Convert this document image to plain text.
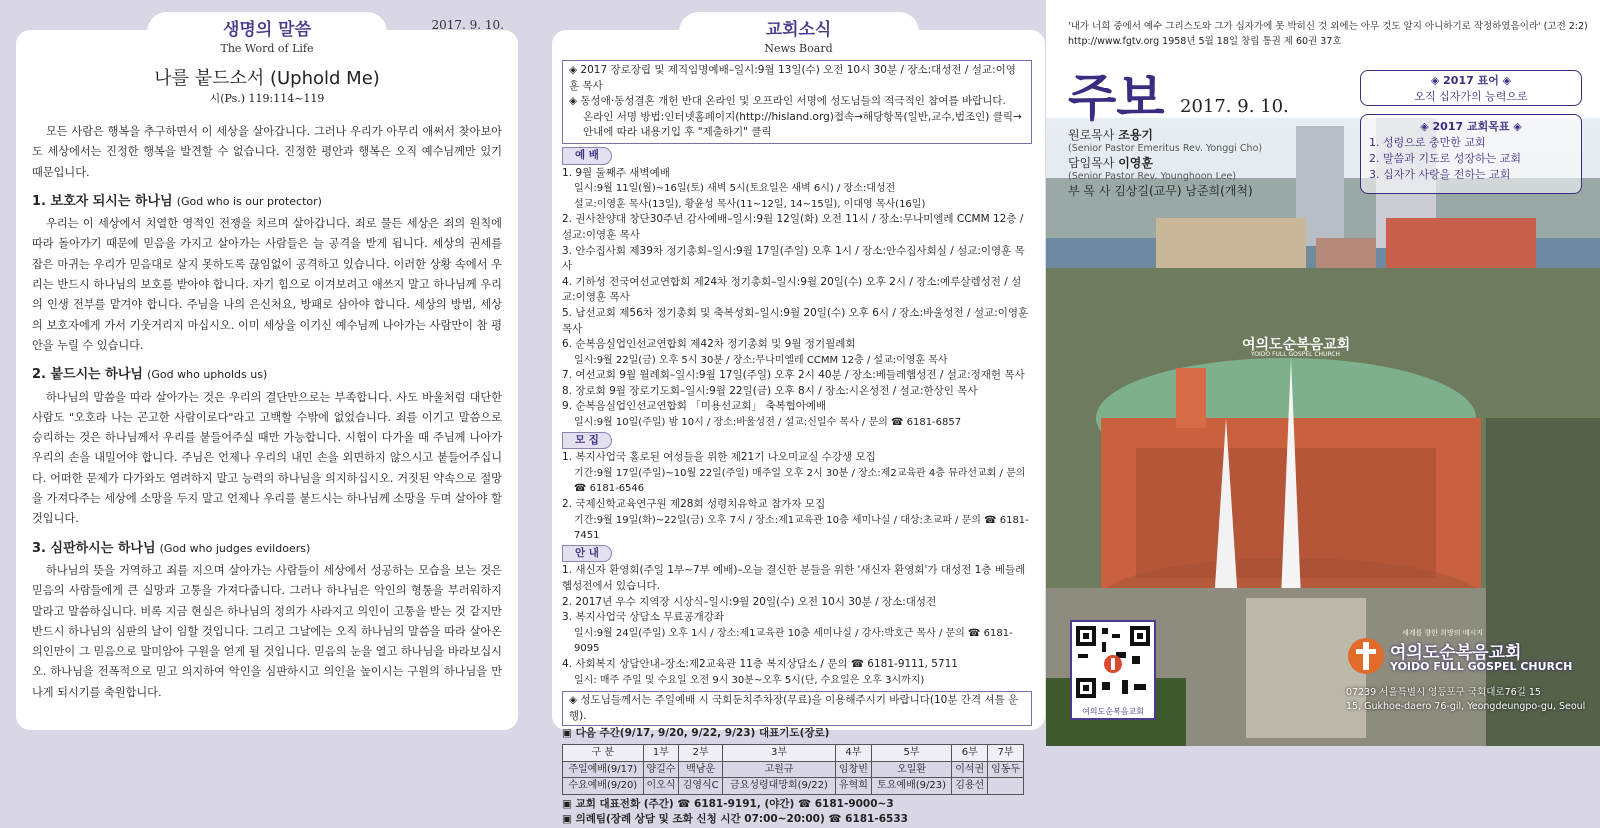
생명의 말씀
The Word of Life
2017. 9. 10.
나를 붙드소서 (Uphold Me)
시(Ps.) 119:114~119

모든 사람은 행복을 추구하면서 이 세상을 살아갑니다. 그러나 우리가 아무리 애써서 찾아보아도 세상에서는 진정한 행복을 발견할 수 없습니다. 진정한 평안과 행복은 오직 예수님께만 있기 때문입니다.

1. 보호자 되시는 하나님 (God who is our protector)

우리는 이 세상에서 치열한 영적인 전쟁을 치르며 살아갑니다. 죄로 물든 세상은 죄의 원칙에 따라 돌아가기 때문에 믿음을 가지고 살아가는 사람들은 늘 공격을 받게 됩니다. 세상의 권세를 잡은 마귀는 우리가 믿음대로 살지 못하도록 끊임없이 공격하고 있습니다. 이러한 상황 속에서 우리는 반드시 하나님의 보호를 받아야 합니다. 자기 힘으로 이겨보려고 애쓰지 말고 하나님께 우리의 인생 전부를 맡겨야 합니다. 주님을 나의 은신처요, 방패로 삼아야 합니다. 세상의 방법, 세상의 보호자에게 가서 기웃거리지 마십시오. 이미 세상을 이기신 예수님께 나아가는 사람만이 참 평안을 누릴 수 있습니다.

2. 붙드시는 하나님 (God who upholds us)

하나님의 말씀을 따라 살아가는 것은 우리의 결단만으로는 부족합니다. 사도 바울처럼 대단한 사람도 "오호라 나는 곤고한 사람이로다"라고 고백할 수밖에 없었습니다. 죄를 이기고 말씀으로 승리하는 것은 하나님께서 우리를 붙들어주실 때만 가능합니다. 시험이 다가올 때 주님께 나아가 우리의 손을 내밀어야 합니다. 주님은 언제나 우리의 내민 손을 외면하지 않으시고 붙들어주십니다. 어떠한 문제가 다가와도 염려하지 말고 능력의 하나님을 의지하십시오. 거짓된 약속으로 절망을 가져다주는 세상에 소망을 두지 말고 언제나 우리를 붙드시는 하나님께 소망을 두며 살아야 할 것입니다.

3. 심판하시는 하나님 (God who judges evildoers)

하나님의 뜻을 거역하고 죄를 지으며 살아가는 사람들이 세상에서 성공하는 모습을 보는 것은 믿음의 사람들에게 큰 실망과 고통을 가져다줍니다. 그러나 하나님은 악인의 형통을 부러워하지 말라고 말씀하십니다. 비록 지금 현실은 하나님의 정의가 사라지고 의인이 고통을 받는 것 같지만 반드시 하나님의 심판의 날이 임할 것입니다. 그리고 그날에는 오직 하나님의 말씀을 따라 살아온 의인만이 그 믿음으로 말미암아 구원을 얻게 될 것입니다. 믿음의 눈을 열고 하나님을 바라보십시오. 하나님을 전폭적으로 믿고 의지하여 악인을 심판하시고 의인을 높이시는 구원의 하나님을 만나게 되시기를 축원합니다.

교회소식
News Board
◈ 2017 장로장립 및 제직임명예배–일시:9월 13일(수) 오전 10시 30분 / 장소:대성전 / 설교:이영훈 목사
◈ 동성애·동성결혼 개헌 반대 온라인 및 오프라인 서명에 성도님들의 적극적인 참여를 바랍니다.
온라인 서명 방법:인터넷홈페이지(http://hisland.org)접속→해당항목(일반,교수,법조인) 클릭→안내에 따라 내용기입 후 "제출하기" 클릭
예 배
1. 9월 둘째주 새벽예배
일시:9월 11일(월)~16일(토) 새벽 5시(토요일은 새벽 6시) / 장소:대성전
설교:이영훈 목사(13일), 황윤성 목사(11~12일, 14~15일), 이대영 목사(16일)
2. 권사찬양대 창단30주년 감사예배–일시:9월 12일(화) 오전 11시 / 장소:무나미엘레 CCMM 12층 / 설교:이영훈 목사
3. 안수집사회 제39차 정기총회–일시:9월 17일(주일) 오후 1시 / 장소:안수집사회실 / 설교:이영훈 목사
4. 기하성 전국여선교연합회 제24차 정기총회–일시:9월 20일(수) 오후 2시 / 장소:예루살렘성전 / 설교:이영훈 목사
5. 남선교회 제56차 정기총회 및 축복성회–일시:9월 20일(수) 오후 6시 / 장소:바울성전 / 설교:이영훈 목사
6. 순복음실업인선교연합회 제42차 정기총회 및 9월 정기월례회
일시:9월 22일(금) 오후 5시 30분 / 장소:무나미엘레 CCMM 12층 / 설교:이영훈 목사
7. 여선교회 9월 월례회–일시:9월 17일(주일) 오후 2시 40분 / 장소:베들레헴성전 / 설교:정재헌 목사
8. 장로회 9월 장로기도회–일시:9월 22일(금) 오후 8시 / 장소:시온성전 / 설교:한상인 목사
9. 순복음실업인선교연합회 「미용선교회」 축복협아예배
일시:9월 10일(주일) 밤 10시 / 장소:바울성전 / 설교:신일수 목사 / 문의 ☎ 6181-6857
모 집
1. 복지사업국 홀로된 여성들을 위한 제21기 나오미교실 수강생 모집
기간:9월 17일(주일)~10월 22일(주일) 매주일 오후 2시 30분 / 장소:제2교육관 4층 뮤라선교회 / 문의 ☎ 6181-6546
2. 국제신학교육연구원 제28회 성령치유학교 참가자 모집
기간:9월 19일(화)~22일(금) 오후 7시 / 장소:제1교육관 10층 세미나실 / 대상:초교파 / 문의 ☎ 6181-7451
안 내
1. 새신자 환영회(주일 1부~7부 예배)–오늘 결신한 분들을 위한 '새신자 환영회'가 대성전 1층 베들레헴성전에서 있습니다.
2. 2017년 우수 지역장 시상식–일시:9월 20일(수) 오전 10시 30분 / 장소:대성전
3. 복지사업국 상담소 무료공개강좌
일시:9월 24일(주일) 오후 1시 / 장소:제1교육관 10층 세미나실 / 강사:박호근 목사 / 문의 ☎ 6181-9095
4. 사회복지 상담안내–장소:제2교육관 11층 복지상담소 / 문의 ☎ 6181-9111, 5711
일시: 매주 주일 및 수요일 오전 9시 30분~오후 5시(단, 수요일은 오후 3시까지)
◈ 성도님들께서는 주일예배 시 국회둔치주차장(무료)을 이용해주시기 바랍니다(10분 간격 셔틀 운행).
▣ 다음 주간(9/17, 9/20, 9/22, 9/23) 대표기도(장로)
구 분	1부	2부	3부	4부	5부	6부	7부
주일예배(9/17)	양길수	백남운	고원규	임창빈	오일환	이석권	임동두
수요예배(9/20)	이오식	김영식C	금요성령대망회(9/22)	유혁희	토요예배(9/23)	김용선	
▣ 교회 대표전화 (주간) ☎ 6181-9191, (야간) ☎ 6181-9000~3
▣ 의례팀(장례 상담 및 조화 신청 시간 07:00~20:00) ☎ 6181-6533
'내가 너희 중에서 예수 그리스도와 그가 십자가에 못 박히신 것 외에는 아무 것도 알지 아니하기로 작정하였음이라' (고전 2:2)
http://www.fgtv.org 1958년 5월 18일 창립 통권 제 60권 37호
주보 2017. 9. 10.
원로목사 조용기
(Senior Pastor Emeritus Rev. Yonggi Cho)
담임목사 이영훈
(Senior Pastor Rev. Younghoon Lee)
부 목 사 김상길(교무) 남준희(개척)
◈ 2017 표어 ◈
오직 십자가의 능력으로
◈ 2017 교회목표 ◈
1. 성령으로 충만한 교회
2. 말씀과 기도로 성장하는 교회
3. 십자가 사랑을 전하는 교회
여의도순복음교회
YOIDO FULL GOSPEL CHURCH
여의도순복음교회
세계를 향한 희망의 메시지
여의도순복음교회
YOIDO FULL GOSPEL CHURCH
07239 서울특별시 영등포구 국회대로76길 15
15, Gukhoe-daero 76-gil, Yeongdeungpo-gu, Seoul
